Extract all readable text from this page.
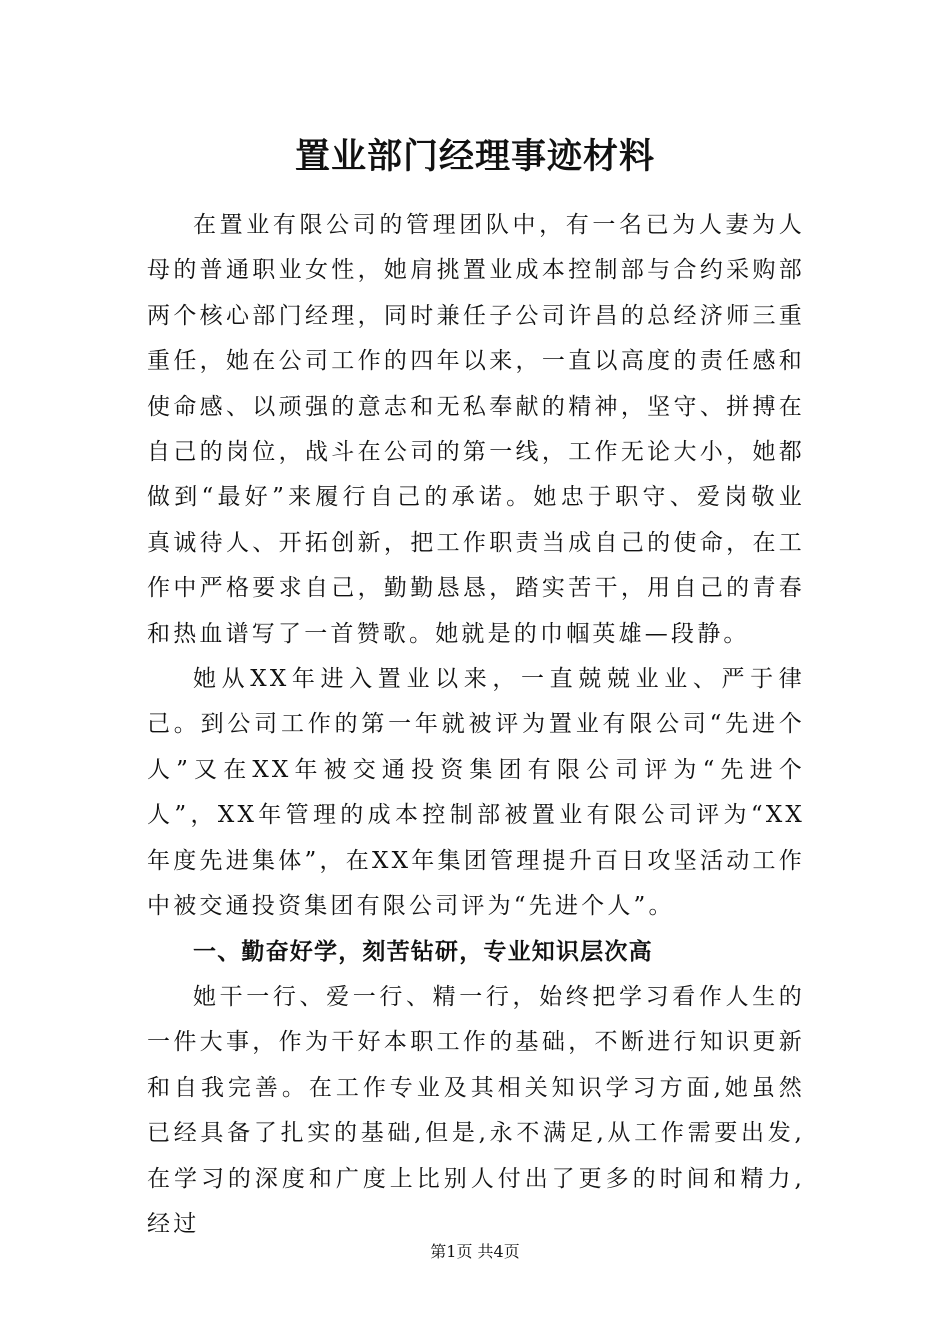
置业部门经理事迹材料

在置业有限公司的管理团队中，有一名已为人妻为人母的普通职业女性，她肩挑置业成本控制部与合约采购部两个核心部门经理，同时兼任子公司许昌的总经济师三重重任，她在公司工作的四年以来，一直以高度的责任感和使命感、以顽强的意志和无私奉献的精神，坚守、拼搏在自己的岗位，战斗在公司的第一线，工作无论大小，她都做到“最好”来履行自己的承诺。她忠于职守、爱岗敬业真诚待人、开拓创新，把工作职责当成自己的使命，在工作中严格要求自己，勤勤恳恳，踏实苦干，用自己的青春和热血谱写了一首赞歌。她就是的巾帼英雄—段静。

她从XX年进入置业以来，一直兢兢业业、严于律己。到公司工作的第一年就被评为置业有限公司“先进个人”又在XX年被交通投资集团有限公司评为“先进个人”，XX年管理的成本控制部被置业有限公司评为“XX年度先进集体”，在XX年集团管理提升百日攻坚活动工作中被交通投资集团有限公司评为“先进个人”。

一、勤奋好学，刻苦钻研，专业知识层次高

她干一行、爱一行、精一行，始终把学习看作人生的一件大事，作为干好本职工作的基础，不断进行知识更新和自我完善。在工作专业及其相关知识学习方面,她虽然已经具备了扎实的基础,但是,永不满足,从工作需要出发,在学习的深度和广度上比别人付出了更多的时间和精力,经过

第1页 共4页
